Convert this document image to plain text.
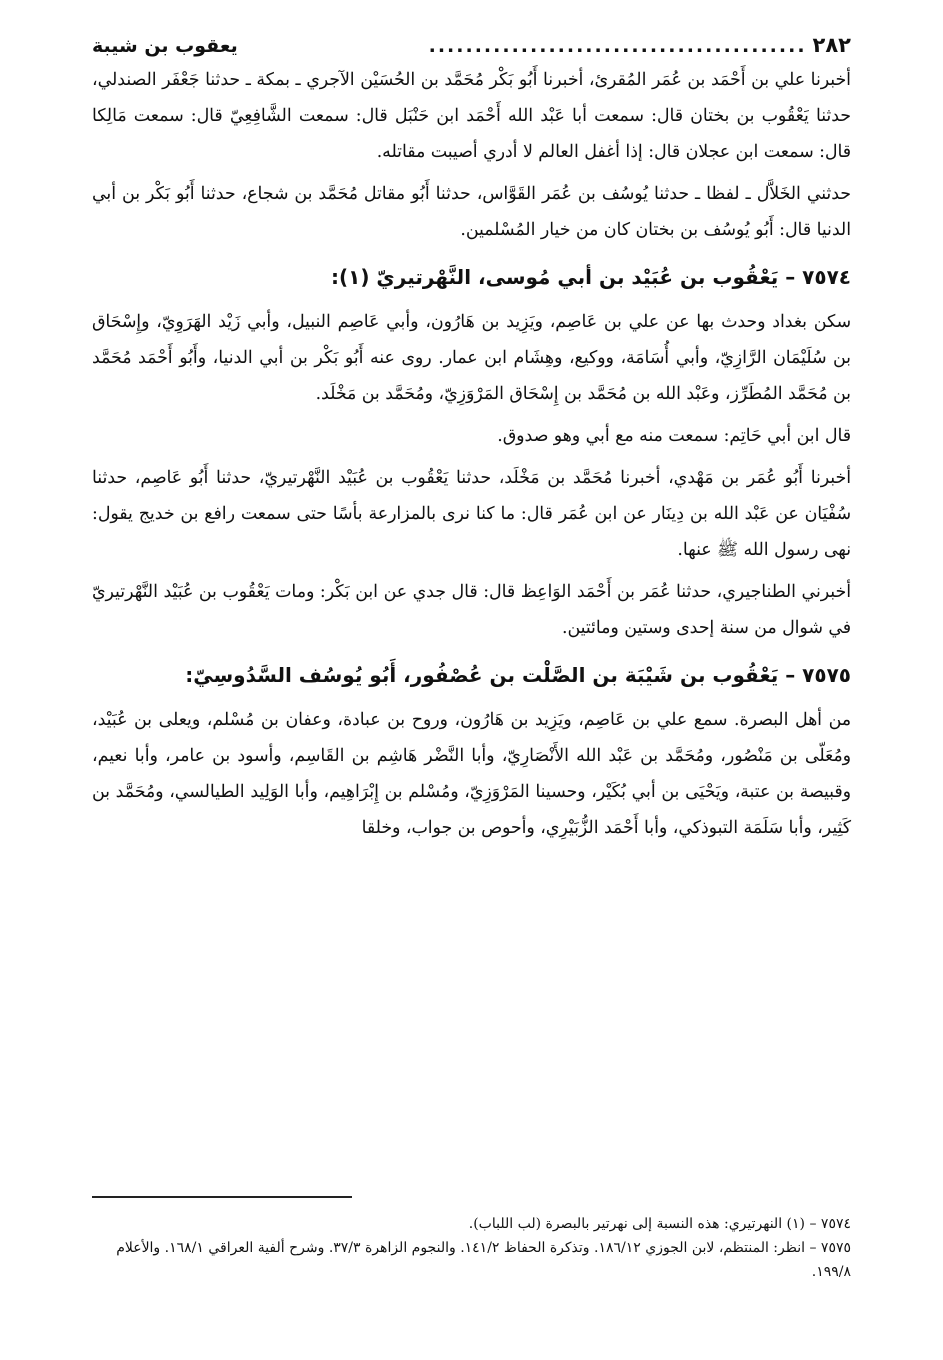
٢٨٢
.........................................
يعقوب بن شيبة

أخبرنا علي بن أَحْمَد بن عُمَر المُقرئ، أخبرنا أَبُو بَكْر مُحَمَّد بن الحُسَيْن الآجري ـ بمكة ـ حدثنا جَعْفَر الصندلي، حدثنا يَعْقُوب بن بختان قال: سمعت أبا عَبْد الله أَحْمَد ابن حَنْبَل قال: سمعت الشَّافِعِيّ قال: سمعت مَالِكا قال: سمعت ابن عجلان قال: إذا أغفل العالم لا أدري أصيبت مقاتله.

حدثني الخَلاَّل ـ لفظا ـ حدثنا يُوسُف بن عُمَر القَوَّاس، حدثنا أَبُو مقاتل مُحَمَّد بن شجاع، حدثنا أَبُو بَكْر بن أبي الدنيا قال: أَبُو يُوسُف بن بختان كان من خيار المُسْلمين.

٧٥٧٤ – يَعْقُوب بن عُبَيْد بن أبي مُوسى، النَّهْرتيريّ (١):

سكن بغداد وحدث بها عن علي بن عَاصِم، ويَزِيد بن هَارُون، وأبي عَاصِم النبيل، وأبي زَيْد الهَرَوِيّ، وإِسْحَاق بن سُلَيْمَان الرَّازِيّ، وأبي أُسَامَة، ووكيع، وهِشَام ابن عمار. روى عنه أَبُو بَكْر بن أبي الدنيا، وأَبُو أَحْمَد مُحَمَّد بن مُحَمَّد المُطَرِّز، وعَبْد الله بن مُحَمَّد بن إِسْحَاق المَرْوَزِيّ، ومُحَمَّد بن مَخْلَد.

قال ابن أبي حَاتِم: سمعت منه مع أبي وهو صدوق.

أخبرنا أَبُو عُمَر بن مَهْدي، أخبرنا مُحَمَّد بن مَخْلَد، حدثنا يَعْقُوب بن عُبَيْد النَّهْرتيريّ، حدثنا أَبُو عَاصِم، حدثنا سُفْيَان عن عَبْد الله بن دِينَار عن ابن عُمَر قال: ما كنا نرى بالمزارعة بأسًا حتى سمعت رافع بن خديج يقول: نهى رسول الله ﷺ عنها.

أخبرني الطناجيري، حدثنا عُمَر بن أَحْمَد الوَاعِظ قال: قال جدي عن ابن بَكْر: ومات يَعْقُوب بن عُبَيْد النَّهْرتيريّ في شوال من سنة إحدى وستين ومائتين.

٧٥٧٥ – يَعْقُوب بن شَيْبَة بن الصَّلْت بن عُصْفُور، أَبُو يُوسُف السَّدُوسِيّ:

من أهل البصرة. سمع علي بن عَاصِم، ويَزِيد بن هَارُون، وروح بن عبادة، وعفان بن مُسْلم، ويعلى بن عُبَيْد، ومُعَلّى بن مَنْصُور، ومُحَمَّد بن عَبْد الله الأَنْصَارِيّ، وأبا النَّضْر هَاشِم بن القَاسِم، وأسود بن عامر، وأبا نعيم، وقبيصة بن عتبة، ويَحْيَى بن أبي بُكَيْر، وحسينا المَرْوَزِيّ، ومُسْلم بن إِبْرَاهِيم، وأبا الوَلِيد الطيالسي، ومُحَمَّد بن كَثِير، وأبا سَلَمَة التبوذكي، وأبا أَحْمَد الزُّبَيْرِي، وأحوص بن جواب، وخلقا

٧٥٧٤ – (١) النهرتيري: هذه النسبة إلى نهرتير بالبصرة (لب اللباب).

٧٥٧٥ – انظر: المنتظم، لابن الجوزي ١٨٦/١٢. وتذكرة الحفاظ ١٤١/٢. والنجوم الزاهرة ٣٧/٣. وشرح ألفية العراقي ١٦٨/١. والأعلام ١٩٩/٨.
